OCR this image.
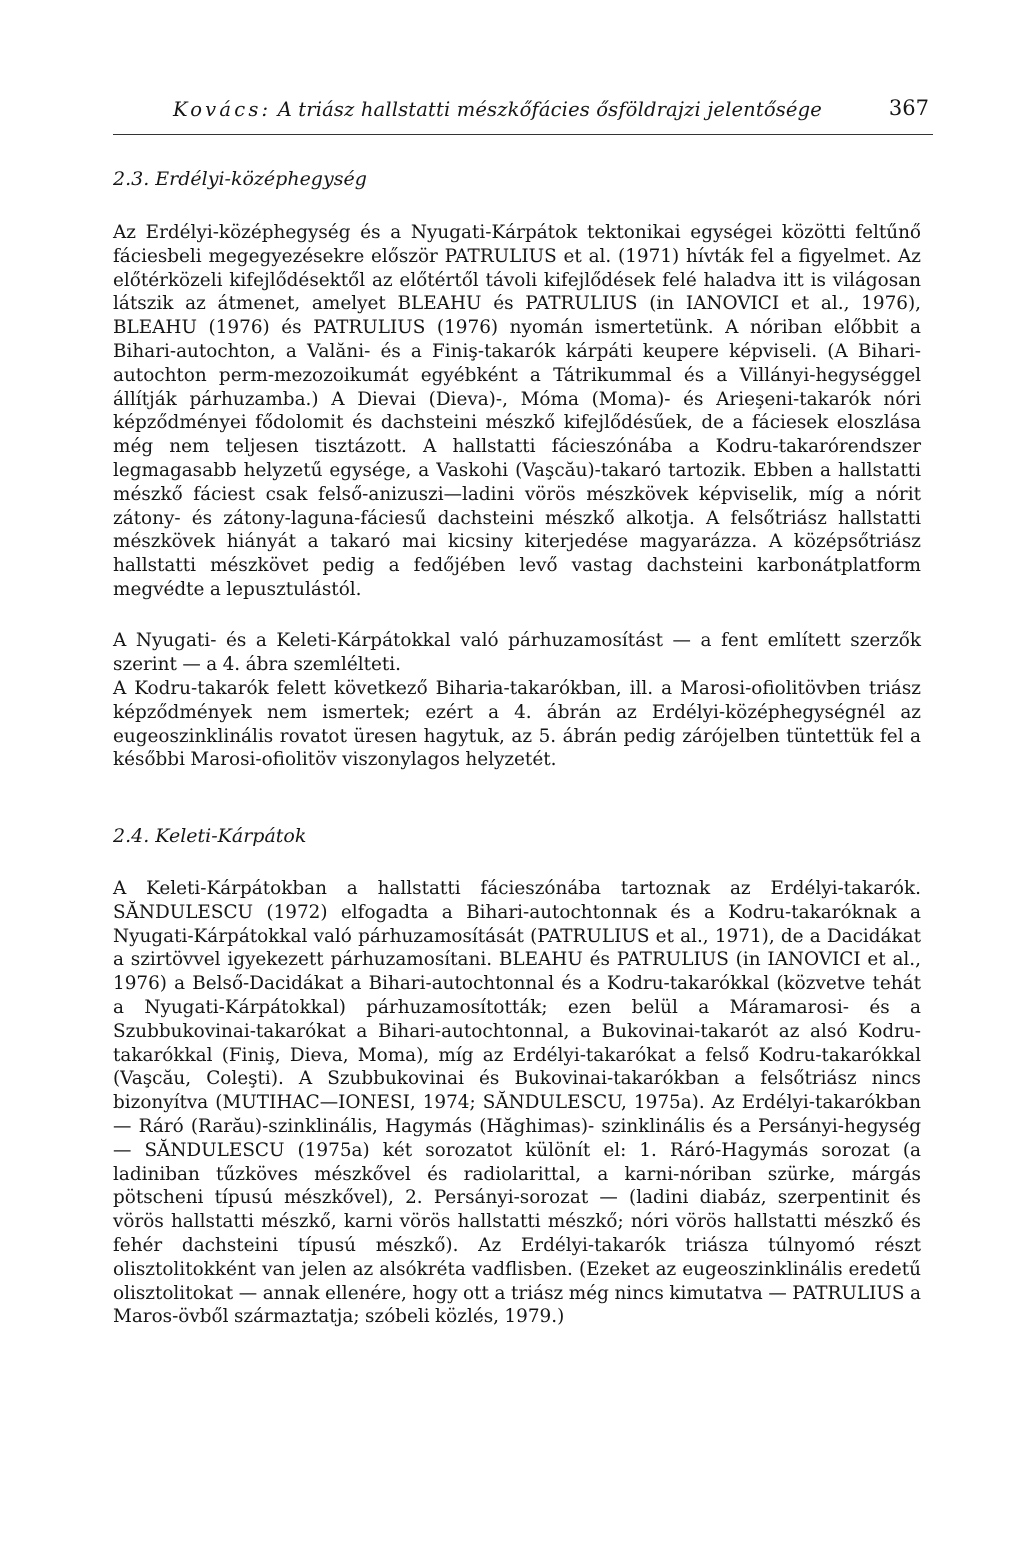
Kovács: A triász hallstatti mészkőfácies ősföldrajzi jelentősége	367
2.3. Erdélyi-középhegység

Az Erdélyi-középhegység és a Nyugati-Kárpátok tektonikai egységei közötti feltűnő fáciesbeli megegyezésekre először PATRULIUS et al. (1971) hívták fel a figyelmet. Az előtérközeli kifejlődésektől az előtértől távoli kifejlődések felé haladva itt is világosan látszik az átmenet, amelyet BLEAHU és PATRULIUS (in IANOVICI et al., 1976), BLEAHU (1976) és PATRULIUS (1976) nyomán ismertetünk. A nóriban előbbit a Bihari-autochton, a Valăni- és a Finiş-takarók kárpáti keupere képviseli. (A Bihari-autochton perm-mezozoikumát egyébként a Tátrikummal és a Villányi-hegységgel állítják párhuzamba.) A Dievai (Dieva)-, Móma (Moma)- és Arieşeni-takarók nóri képződményei fődolomit és dachsteini mészkő kifejlődésűek, de a fáciesek eloszlása még nem teljesen tisztázott. A hallstatti fácieszónába a Kodru-takarórendszer legmagasabb helyzetű egysége, a Vaskohi (Vaşcău)-takaró tartozik. Ebben a hallstatti mészkő fáciest csak felső-anizuszi—ladini vörös mészkövek képviselik, míg a nórit zátony- és zátony-laguna-fáciesű dachsteini mészkő alkotja. A felsőtriász hallstatti mészkövek hiányát a takaró mai kicsiny kiterjedése magyarázza. A középsőtriász hallstatti mészkövet pedig a fedőjében levő vastag dachsteini karbonátplatform megvédte a lepusztulástól.

A Nyugati- és a Keleti-Kárpátokkal való párhuzamosítást — a fent említett szerzők szerint — a 4. ábra szemlélteti.

A Kodru-takarók felett következő Biharia-takarókban, ill. a Marosi-ofiolitövben triász képződmények nem ismertek; ezért a 4. ábrán az Erdélyi-középhegységnél az eugeoszinklinális rovatot üresen hagytuk, az 5. ábrán pedig zárójelben tüntettük fel a későbbi Marosi-ofiolitöv viszonylagos helyzetét.

2.4. Keleti-Kárpátok

A Keleti-Kárpátokban a hallstatti fácieszónába tartoznak az Erdélyi-takarók. SĂNDULESCU (1972) elfogadta a Bihari-autochtonnak és a Kodru-takaróknak a Nyugati-Kárpátokkal való párhuzamosítását (PATRULIUS et al., 1971), de a Dacidákat a szirtövvel igyekezett párhuzamosítani. BLEAHU és PATRULIUS (in IANOVICI et al., 1976) a Belső-Dacidákat a Bihari-autochtonnal és a Kodru-takarókkal (közvetve tehát a Nyugati-Kárpátokkal) párhuzamosították; ezen belül a Máramarosi- és a Szubbukovinai-takarókat a Bihari-autochtonnal, a Bukovinai-takarót az alsó Kodru-takarókkal (Finiş, Dieva, Moma), míg az Erdélyi-takarókat a felső Kodru-takarókkal (Vaşcău, Coleşti). A Szubbukovinai és Bukovinai-takarókban a felsőtriász nincs bizonyítva (MUTIHAC—IONESI, 1974; SĂNDULESCU, 1975a). Az Erdélyi-takarókban — Ráró (Rarău)-szinklinális, Hagymás (Hăghimas)- szinklinális és a Persányi-hegység — SĂNDULESCU (1975a) két sorozatot különít el: 1. Ráró-Hagymás sorozat (a ladiniban tűzköves mészkővel és radiolarittal, a karni-nóriban szürke, márgás pötscheni típusú mészkővel), 2. Persányi-sorozat — (ladini diabáz, szerpentinit és vörös hallstatti mészkő, karni vörös hallstatti mészkő; nóri vörös hallstatti mészkő és fehér dachsteini típusú mészkő). Az Erdélyi-takarók triásza túlnyomó részt olisztolitokként van jelen az alsókréta vadflisben. (Ezeket az eugeoszinklinális eredetű olisztolitokat — annak ellenére, hogy ott a triász még nincs kimutatva — PATRULIUS a Maros-övből származtatja; szóbeli közlés, 1979.)
